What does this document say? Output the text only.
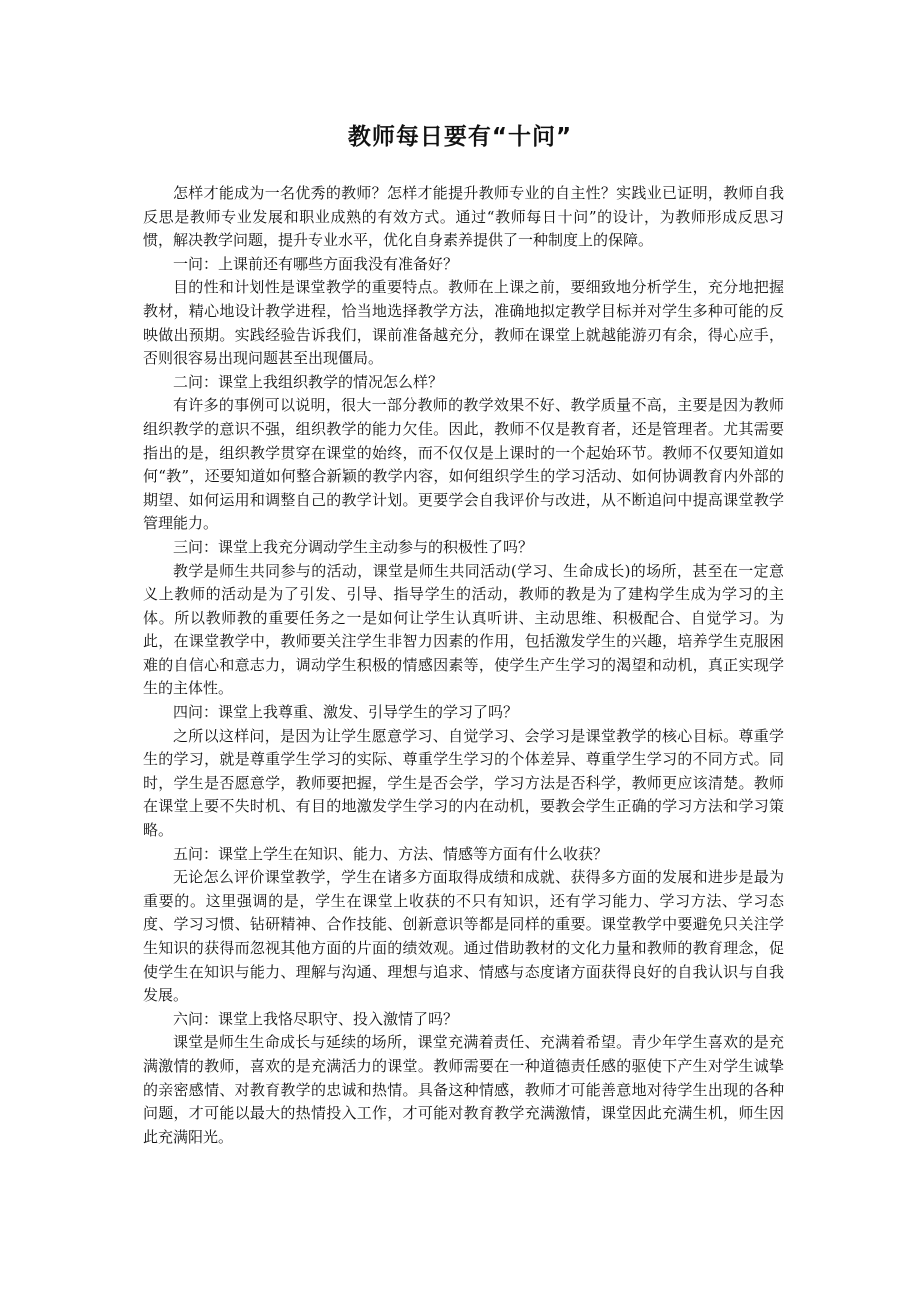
教师每日要有“十问”

怎样才能成为一名优秀的教师？怎样才能提升教师专业的自主性？实践业已证明，教师自我反思是教师专业发展和职业成熟的有效方式。通过“教师每日十问”的设计，为教师形成反思习惯，解决教学问题，提升专业水平，优化自身素养提供了一种制度上的保障。

一问：上课前还有哪些方面我没有准备好？

目的性和计划性是课堂教学的重要特点。教师在上课之前，要细致地分析学生，充分地把握教材，精心地设计教学进程，恰当地选择教学方法，准确地拟定教学目标并对学生多种可能的反映做出预期。实践经验告诉我们，课前准备越充分，教师在课堂上就越能游刃有余，得心应手，否则很容易出现问题甚至出现僵局。

二问：课堂上我组织教学的情况怎么样？

有许多的事例可以说明，很大一部分教师的教学效果不好、教学质量不高，主要是因为教师组织教学的意识不强，组织教学的能力欠佳。因此，教师不仅是教育者，还是管理者。尤其需要指出的是，组织教学贯穿在课堂的始终，而不仅仅是上课时的一个起始环节。教师不仅要知道如何“教”，还要知道如何整合新颖的教学内容，如何组织学生的学习活动、如何协调教育内外部的期望、如何运用和调整自己的教学计划。更要学会自我评价与改进，从不断追问中提高课堂教学管理能力。

三问：课堂上我充分调动学生主动参与的积极性了吗？

教学是师生共同参与的活动，课堂是师生共同活动(学习、生命成长)的场所，甚至在一定意义上教师的活动是为了引发、引导、指导学生的活动，教师的教是为了建构学生成为学习的主体。所以教师教的重要任务之一是如何让学生认真听讲、主动思维、积极配合、自觉学习。为此，在课堂教学中，教师要关注学生非智力因素的作用，包括激发学生的兴趣，培养学生克服困难的自信心和意志力，调动学生积极的情感因素等，使学生产生学习的渴望和动机，真正实现学生的主体性。

四问：课堂上我尊重、激发、引导学生的学习了吗？

之所以这样问，是因为让学生愿意学习、自觉学习、会学习是课堂教学的核心目标。尊重学生的学习，就是尊重学生学习的实际、尊重学生学习的个体差异、尊重学生学习的不同方式。同时，学生是否愿意学，教师要把握，学生是否会学，学习方法是否科学，教师更应该清楚。教师在课堂上要不失时机、有目的地激发学生学习的内在动机，要教会学生正确的学习方法和学习策略。

五问：课堂上学生在知识、能力、方法、情感等方面有什么收获？

无论怎么评价课堂教学，学生在诸多方面取得成绩和成就、获得多方面的发展和进步是最为重要的。这里强调的是，学生在课堂上收获的不只有知识，还有学习能力、学习方法、学习态度、学习习惯、钻研精神、合作技能、创新意识等都是同样的重要。课堂教学中要避免只关注学生知识的获得而忽视其他方面的片面的绩效观。通过借助教材的文化力量和教师的教育理念，促使学生在知识与能力、理解与沟通、理想与追求、情感与态度诸方面获得良好的自我认识与自我发展。

六问：课堂上我恪尽职守、投入激情了吗？

课堂是师生生命成长与延续的场所，课堂充满着责任、充满着希望。青少年学生喜欢的是充满激情的教师，喜欢的是充满活力的课堂。教师需要在一种道德责任感的驱使下产生对学生诚挚的亲密感情、对教育教学的忠诚和热情。具备这种情感，教师才可能善意地对待学生出现的各种问题，才可能以最大的热情投入工作，才可能对教育教学充满激情，课堂因此充满生机，师生因此充满阳光。
